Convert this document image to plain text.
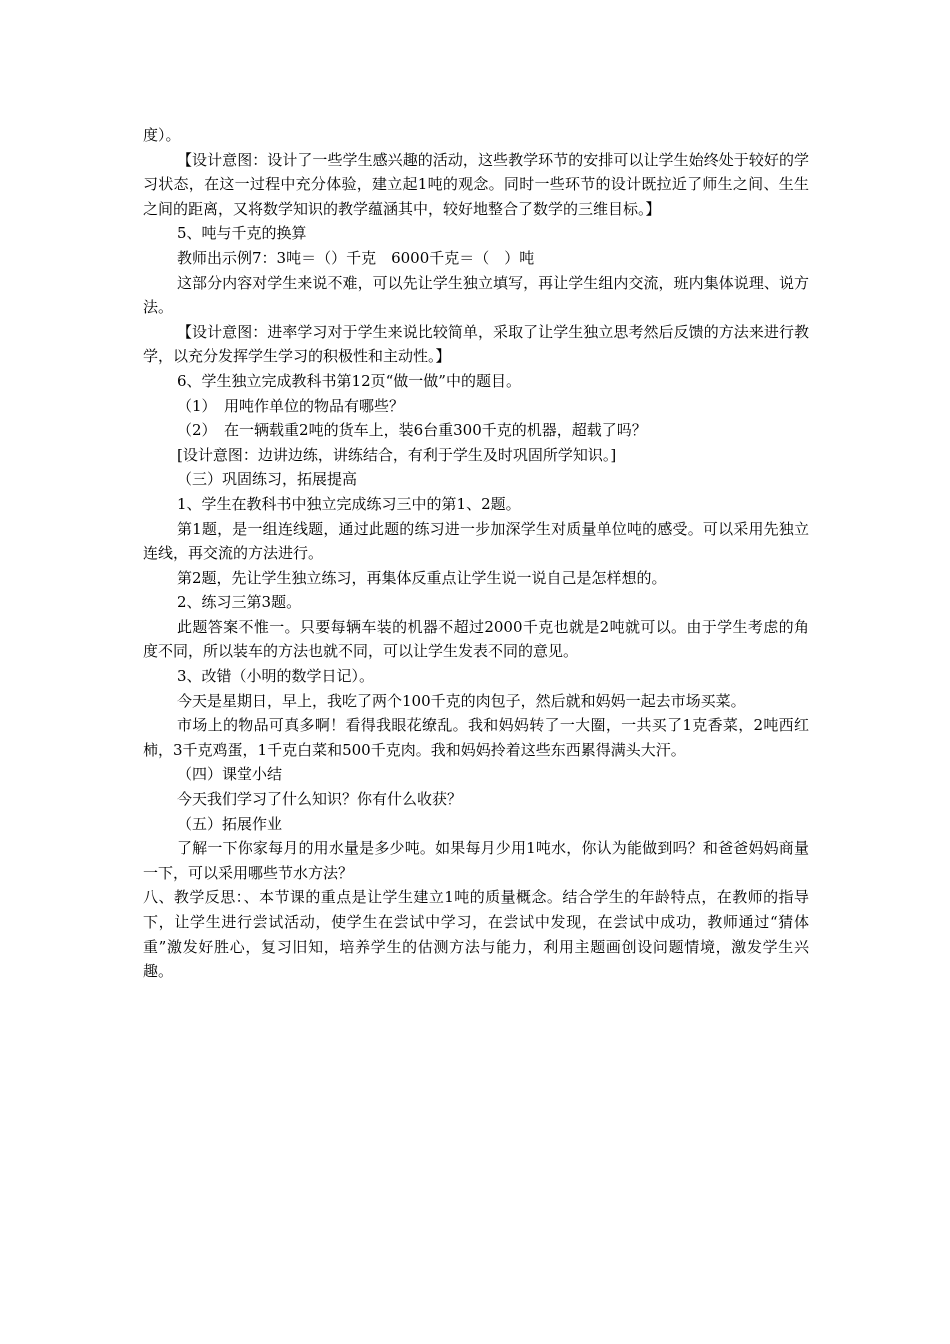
度）。

【设计意图：设计了一些学生感兴趣的活动，这些教学环节的安排可以让学生始终处于较好的学习状态，在这一过程中充分体验，建立起1吨的观念。同时一些环节的设计既拉近了师生之间、生生之间的距离，又将数学知识的教学蕴涵其中，较好地整合了数学的三维目标。】

5、吨与千克的换算

教师出示例7：3吨＝（）千克　6000千克＝（　）吨

这部分内容对学生来说不难，可以先让学生独立填写，再让学生组内交流，班内集体说理、说方法。

【设计意图：进率学习对于学生来说比较简单，采取了让学生独立思考然后反馈的方法来进行教学，以充分发挥学生学习的积极性和主动性。】

6、学生独立完成教科书第12页“做一做”中的题目。

（1）　用吨作单位的物品有哪些？

（2）　在一辆载重2吨的货车上，装6台重300千克的机器，超载了吗？

[设计意图：边讲边练，讲练结合，有利于学生及时巩固所学知识。]

（三）巩固练习，拓展提高

1、学生在教科书中独立完成练习三中的第1、2题。

第1题，是一组连线题，通过此题的练习进一步加深学生对质量单位吨的感受。可以采用先独立连线，再交流的方法进行。

第2题，先让学生独立练习，再集体反重点让学生说一说自己是怎样想的。

2、练习三第3题。

此题答案不惟一。只要每辆车装的机器不超过2000千克也就是2吨就可以。由于学生考虑的角度不同，所以装车的方法也就不同，可以让学生发表不同的意见。

3、改错（小明的数学日记）。

今天是星期日，早上，我吃了两个100千克的肉包子，然后就和妈妈一起去市场买菜。

市场上的物品可真多啊！看得我眼花缭乱。我和妈妈转了一大圈，一共买了1克香菜，2吨西红柿，3千克鸡蛋，1千克白菜和500千克肉。我和妈妈拎着这些东西累得满头大汗。

（四）课堂小结

今天我们学习了什么知识？你有什么收获？

（五）拓展作业

了解一下你家每月的用水量是多少吨。如果每月少用1吨水，你认为能做到吗？和爸爸妈妈商量一下，可以采用哪些节水方法？

八、教学反思：、本节课的重点是让学生建立1吨的质量概念。结合学生的年龄特点，在教师的指导下，让学生进行尝试活动，使学生在尝试中学习，在尝试中发现，在尝试中成功，教师通过“猜体重”激发好胜心，复习旧知，培养学生的估测方法与能力，利用主题画创设问题情境，激发学生兴趣。
